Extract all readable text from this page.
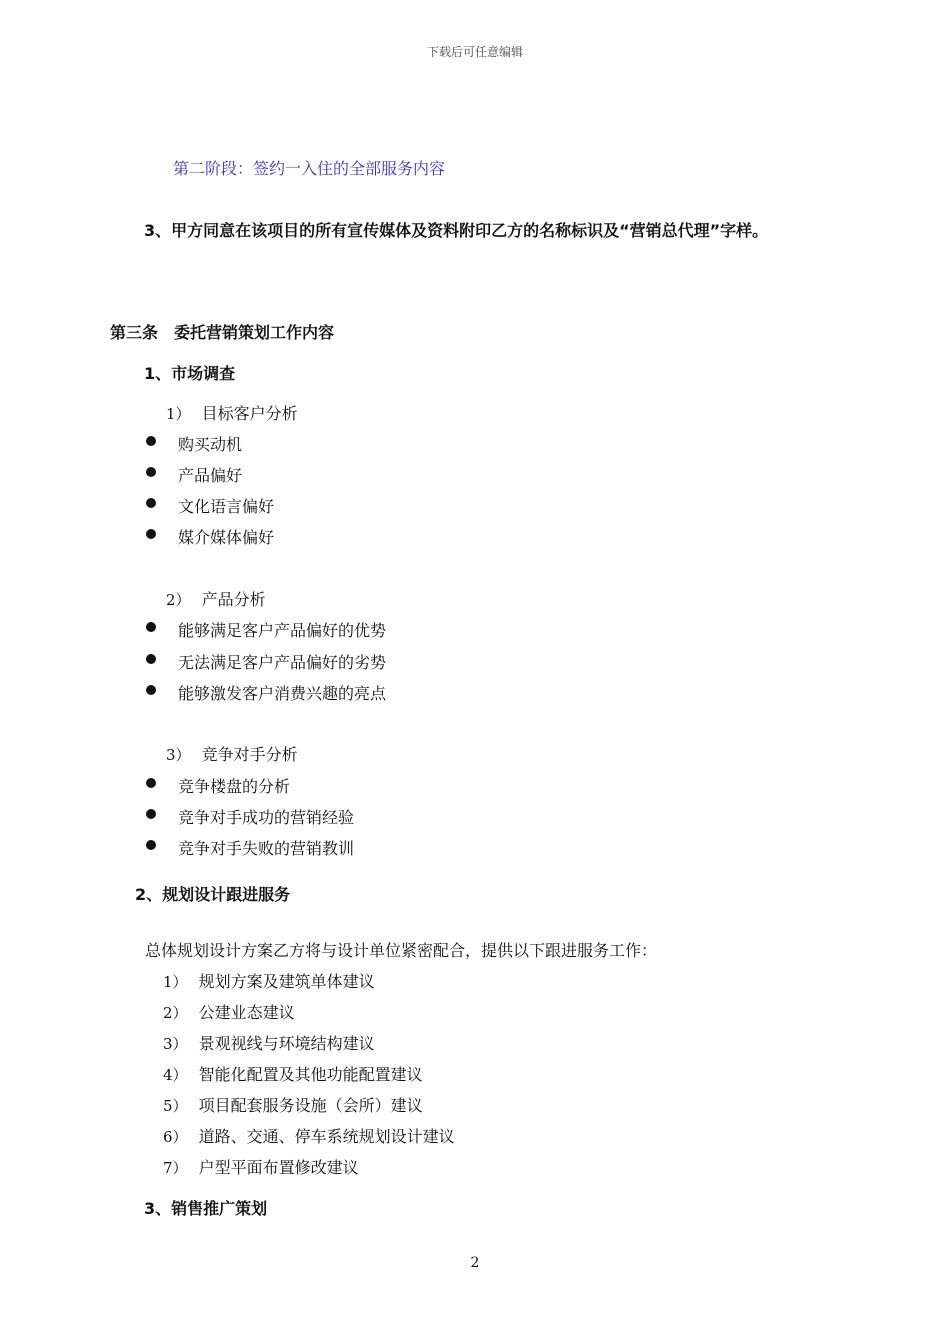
下载后可任意编辑
第二阶段：签约一入住的全部服务内容
3、甲方同意在该项目的所有宣传媒体及资料附印乙方的名称标识及“营销总代理”字样。
第三条　委托营销策划工作内容
1、市场调查
1） 目标客户分析
购买动机
产品偏好
文化语言偏好
媒介媒体偏好
2） 产品分析
能够满足客户产品偏好的优势
无法满足客户产品偏好的劣势
能够激发客户消费兴趣的亮点
3） 竞争对手分析
竞争楼盘的分析
竞争对手成功的营销经验
竞争对手失败的营销教训
2、规划设计跟进服务
总体规划设计方案乙方将与设计单位紧密配合，提供以下跟进服务工作：
1） 规划方案及建筑单体建议
2） 公建业态建议
3） 景观视线与环境结构建议
4） 智能化配置及其他功能配置建议
5） 项目配套服务设施（会所）建议
6） 道路、交通、停车系统规划设计建议
7） 户型平面布置修改建议
3、销售推广策划
2
